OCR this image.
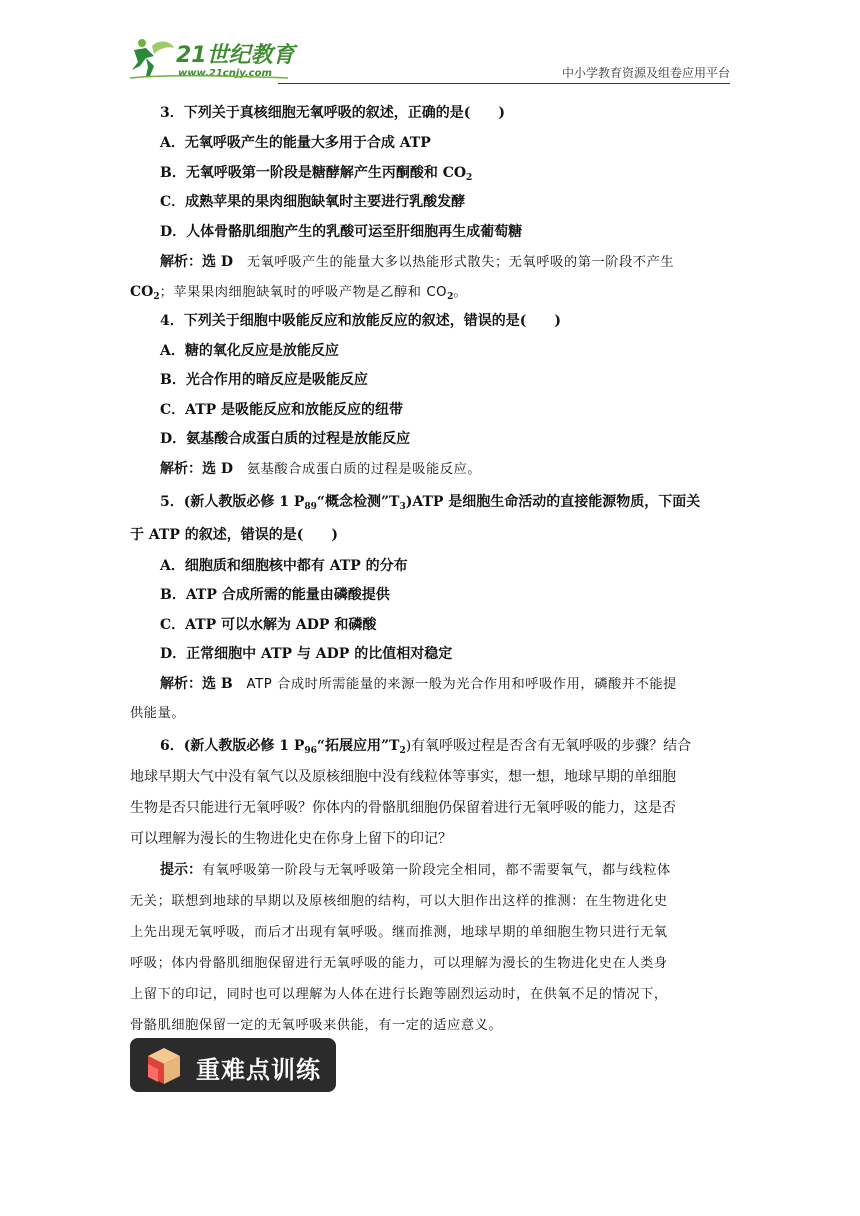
21世纪教育
www.21cnjy.com	中小学教育资源及组卷应用平台
3．下列关于真核细胞无氧呼吸的叙述，正确的是(　　)
A．无氧呼吸产生的能量大多用于合成 ATP
B．无氧呼吸第一阶段是糖酵解产生丙酮酸和 $CO_2$
C．成熟苹果的果肉细胞缺氧时主要进行乳酸发酵
D．人体骨骼肌细胞产生的乳酸可运至肝细胞再生成葡萄糖
解析：选 D　 无氧呼吸产生的能量大多以热能形式散失；无氧呼吸的第一阶段不产生
$CO_2$；苹果果肉细胞缺氧时的呼吸产物是乙醇和 $CO_2$。
4．下列关于细胞中吸能反应和放能反应的叙述，错误的是(　　)
A．糖的氧化反应是放能反应
B．光合作用的暗反应是吸能反应
C．ATP 是吸能反应和放能反应的纽带
D．氨基酸合成蛋白质的过程是放能反应
解析：选 D　 氨基酸合成蛋白质的过程是吸能反应。
5．(新人教版必修 1 $P_{89}“$概念检测$”T_3)ATP$ 是细胞生命活动的直接能源物质，下面关
于 ATP 的叙述，错误的是(　　)
A．细胞质和细胞核中都有 ATP 的分布
B．ATP 合成所需的能量由磷酸提供
C．ATP 可以水解为 ADP 和磷酸
D．正常细胞中 ATP 与 ADP 的比值相对稳定
解析：选 B　 ATP 合成时所需能量的来源一般为光合作用和呼吸作用，磷酸并不能提
供能量。
6．(新人教版必修 1 $P_{96}“$拓展应用$”T_2$)有氧呼吸过程是否含有无氧呼吸的步骤？结合
地球早期大气中没有氧气以及原核细胞中没有线粒体等事实，想一想，地球早期的单细胞
生物是否只能进行无氧呼吸？你体内的骨骼肌细胞仍保留着进行无氧呼吸的能力，这是否
可以理解为漫长的生物进化史在你身上留下的印记？
提示：有氧呼吸第一阶段与无氧呼吸第一阶段完全相同，都不需要氧气，都与线粒体
无关；联想到地球的早期以及原核细胞的结构，可以大胆作出这样的推测：在生物进化史
上先出现无氧呼吸，而后才出现有氧呼吸。继而推测，地球早期的单细胞生物只进行无氧
呼吸；体内骨骼肌细胞保留进行无氧呼吸的能力，可以理解为漫长的生物进化史在人类身
上留下的印记，同时也可以理解为人体在进行长跑等剧烈运动时，在供氧不足的情况下，
骨骼肌细胞保留一定的无氧呼吸来供能，有一定的适应意义。
重难点训练
